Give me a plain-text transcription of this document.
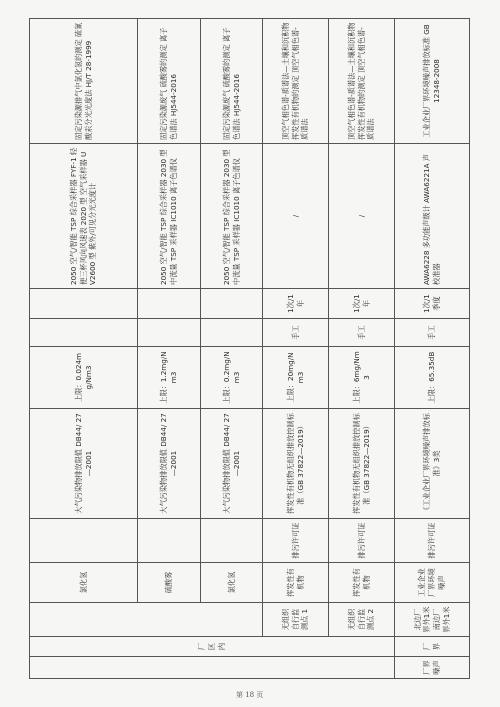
	厂区内		氯化氢		大气污染物排放限值 DB44/ 27—2001	上限：0.024mg/Nm3			2050 空气/智能 TSP 综合采样器 FYF-1 轻便三杯风向风速表 2020 型 空气采样器 UV2600 型 紫外/可见分光光度计	固定污染源排气中氯化氢的测定 硫氰酸汞分光光度法 HJ/T 28-1999
			硫酸雾		大气污染物排放限值 DB44/ 27—2001	上限：1.2mg/Nm3			2050 空气/智能 TSP 综合采样器 2030 型 中流量 TSP 采样器 IC1010 离子色谱仪	固定污染源废气 硫酸雾的测定 离子色谱法 HJ544-2016
			氯化氢		大气污染物排放限值 DB44/ 27—2001	上限：0.2mg/Nm3			2050 空气/智能 TSP 综合采样器 2030 型 中流量 TSP 采样器 IC1010 离子色谱仪	固定污染源废气 硫酸雾的测定 离子色谱法 HJ544-2016
		无组织自行监测点 1	挥发性有机物	排污许可证	挥发性有机物无组织排放控制标准（GB 37822—2019）	上限：20mg/Nm3	手工	1次/1年	/	顶空气相色谱-质谱法—土壤和沉积物 挥发性有机物的测定 顶空气相色谱-质谱法
		无组织自行监测点 2	挥发性有机物	排污许可证	挥发性有机物无组织排放控制标准（GB 37822—2019）	上限：6mg/Nm3	手工	1次/1年	/	顶空气相色谱-质谱法—土壤和沉积物 挥发性有机物的测定 顶空气相色谱-质谱法
厂界噪声	厂界	北边厂界外1米 南边厂界外1米	工业企业厂界环境噪声	排污许可证	《工业企业厂界环境噪声排放标准》3类	上限：65.35dB	手工	1次/1季度	AWA6228 多功能声级计 AWA6221A 声校准器	工业企业厂界环境噪声排放标准 GB 12348-2008
第 18 页
